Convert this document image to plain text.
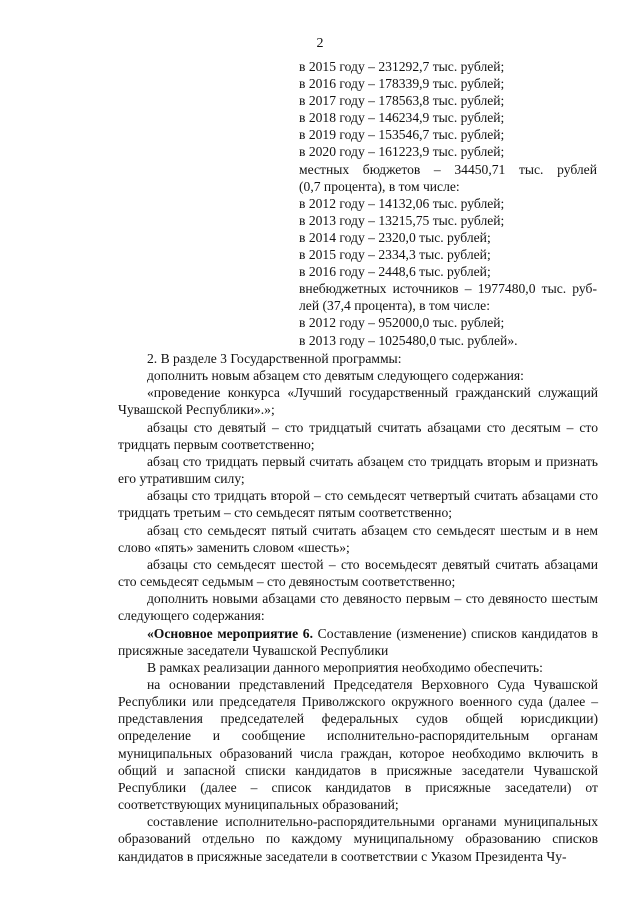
2
в 2015 году – 231292,7 тыс. рублей;
в 2016 году – 178339,9 тыс. рублей;
в 2017 году – 178563,8 тыс. рублей;
в 2018 году – 146234,9 тыс. рублей;
в 2019 году – 153546,7 тыс. рублей;
в 2020 году – 161223,9 тыс. рублей;
местных бюджетов – 34450,71 тыс. рублей
(0,7 процента), в том числе:
в 2012 году – 14132,06 тыс. рублей;
в 2013 году – 13215,75 тыс. рублей;
в 2014 году – 2320,0 тыс. рублей;
в 2015 году – 2334,3 тыс. рублей;
в 2016 году – 2448,6 тыс. рублей;
внебюджетных источников – 1977480,0 тыс. руб-
лей (37,4 процента), в том числе:
в 2012 году – 952000,0 тыс. рублей;
в 2013 году – 1025480,0 тыс. рублей».

2. В разделе 3 Государственной программы:

дополнить новым абзацем сто девятым следующего содержания:

«проведение конкурса «Лучший государственный гражданский служащий Чувашской Республики».»;

абзацы сто девятый – сто тридцатый считать абзацами сто десятым – сто тридцать первым соответственно;

абзац сто тридцать первый считать абзацем сто тридцать вторым и признать его утратившим силу;

абзацы сто тридцать второй – сто семьдесят четвертый считать абзацами сто тридцать третьим – сто семьдесят пятым соответственно;

абзац сто семьдесят пятый считать абзацем сто семьдесят шестым и в нем слово «пять» заменить словом «шесть»;

абзацы сто семьдесят шестой – сто восемьдесят девятый считать абзацами сто семьдесят седьмым – сто девяностым соответственно;

дополнить новыми абзацами сто девяносто первым – сто девяносто шестым следующего содержания:

«Основное мероприятие 6. Составление (изменение) списков кандидатов в присяжные заседатели Чувашской Республики

В рамках реализации данного мероприятия необходимо обеспечить:

на основании представлений Председателя Верховного Суда Чувашской Республики или председателя Приволжского окружного военного суда (далее – представления председателей федеральных судов общей юрисдикции) определение и сообщение исполнительно-распорядительным органам муниципальных образований числа граждан, которое необходимо включить в общий и запасной списки кандидатов в присяжные заседатели Чувашской Республики (далее – список кандидатов в присяжные заседатели) от соответствующих муниципальных образований;

составление исполнительно-распорядительными органами муниципальных образований отдельно по каждому муниципальному образованию списков кандидатов в присяжные заседатели в соответствии с Указом Президента Чу-
